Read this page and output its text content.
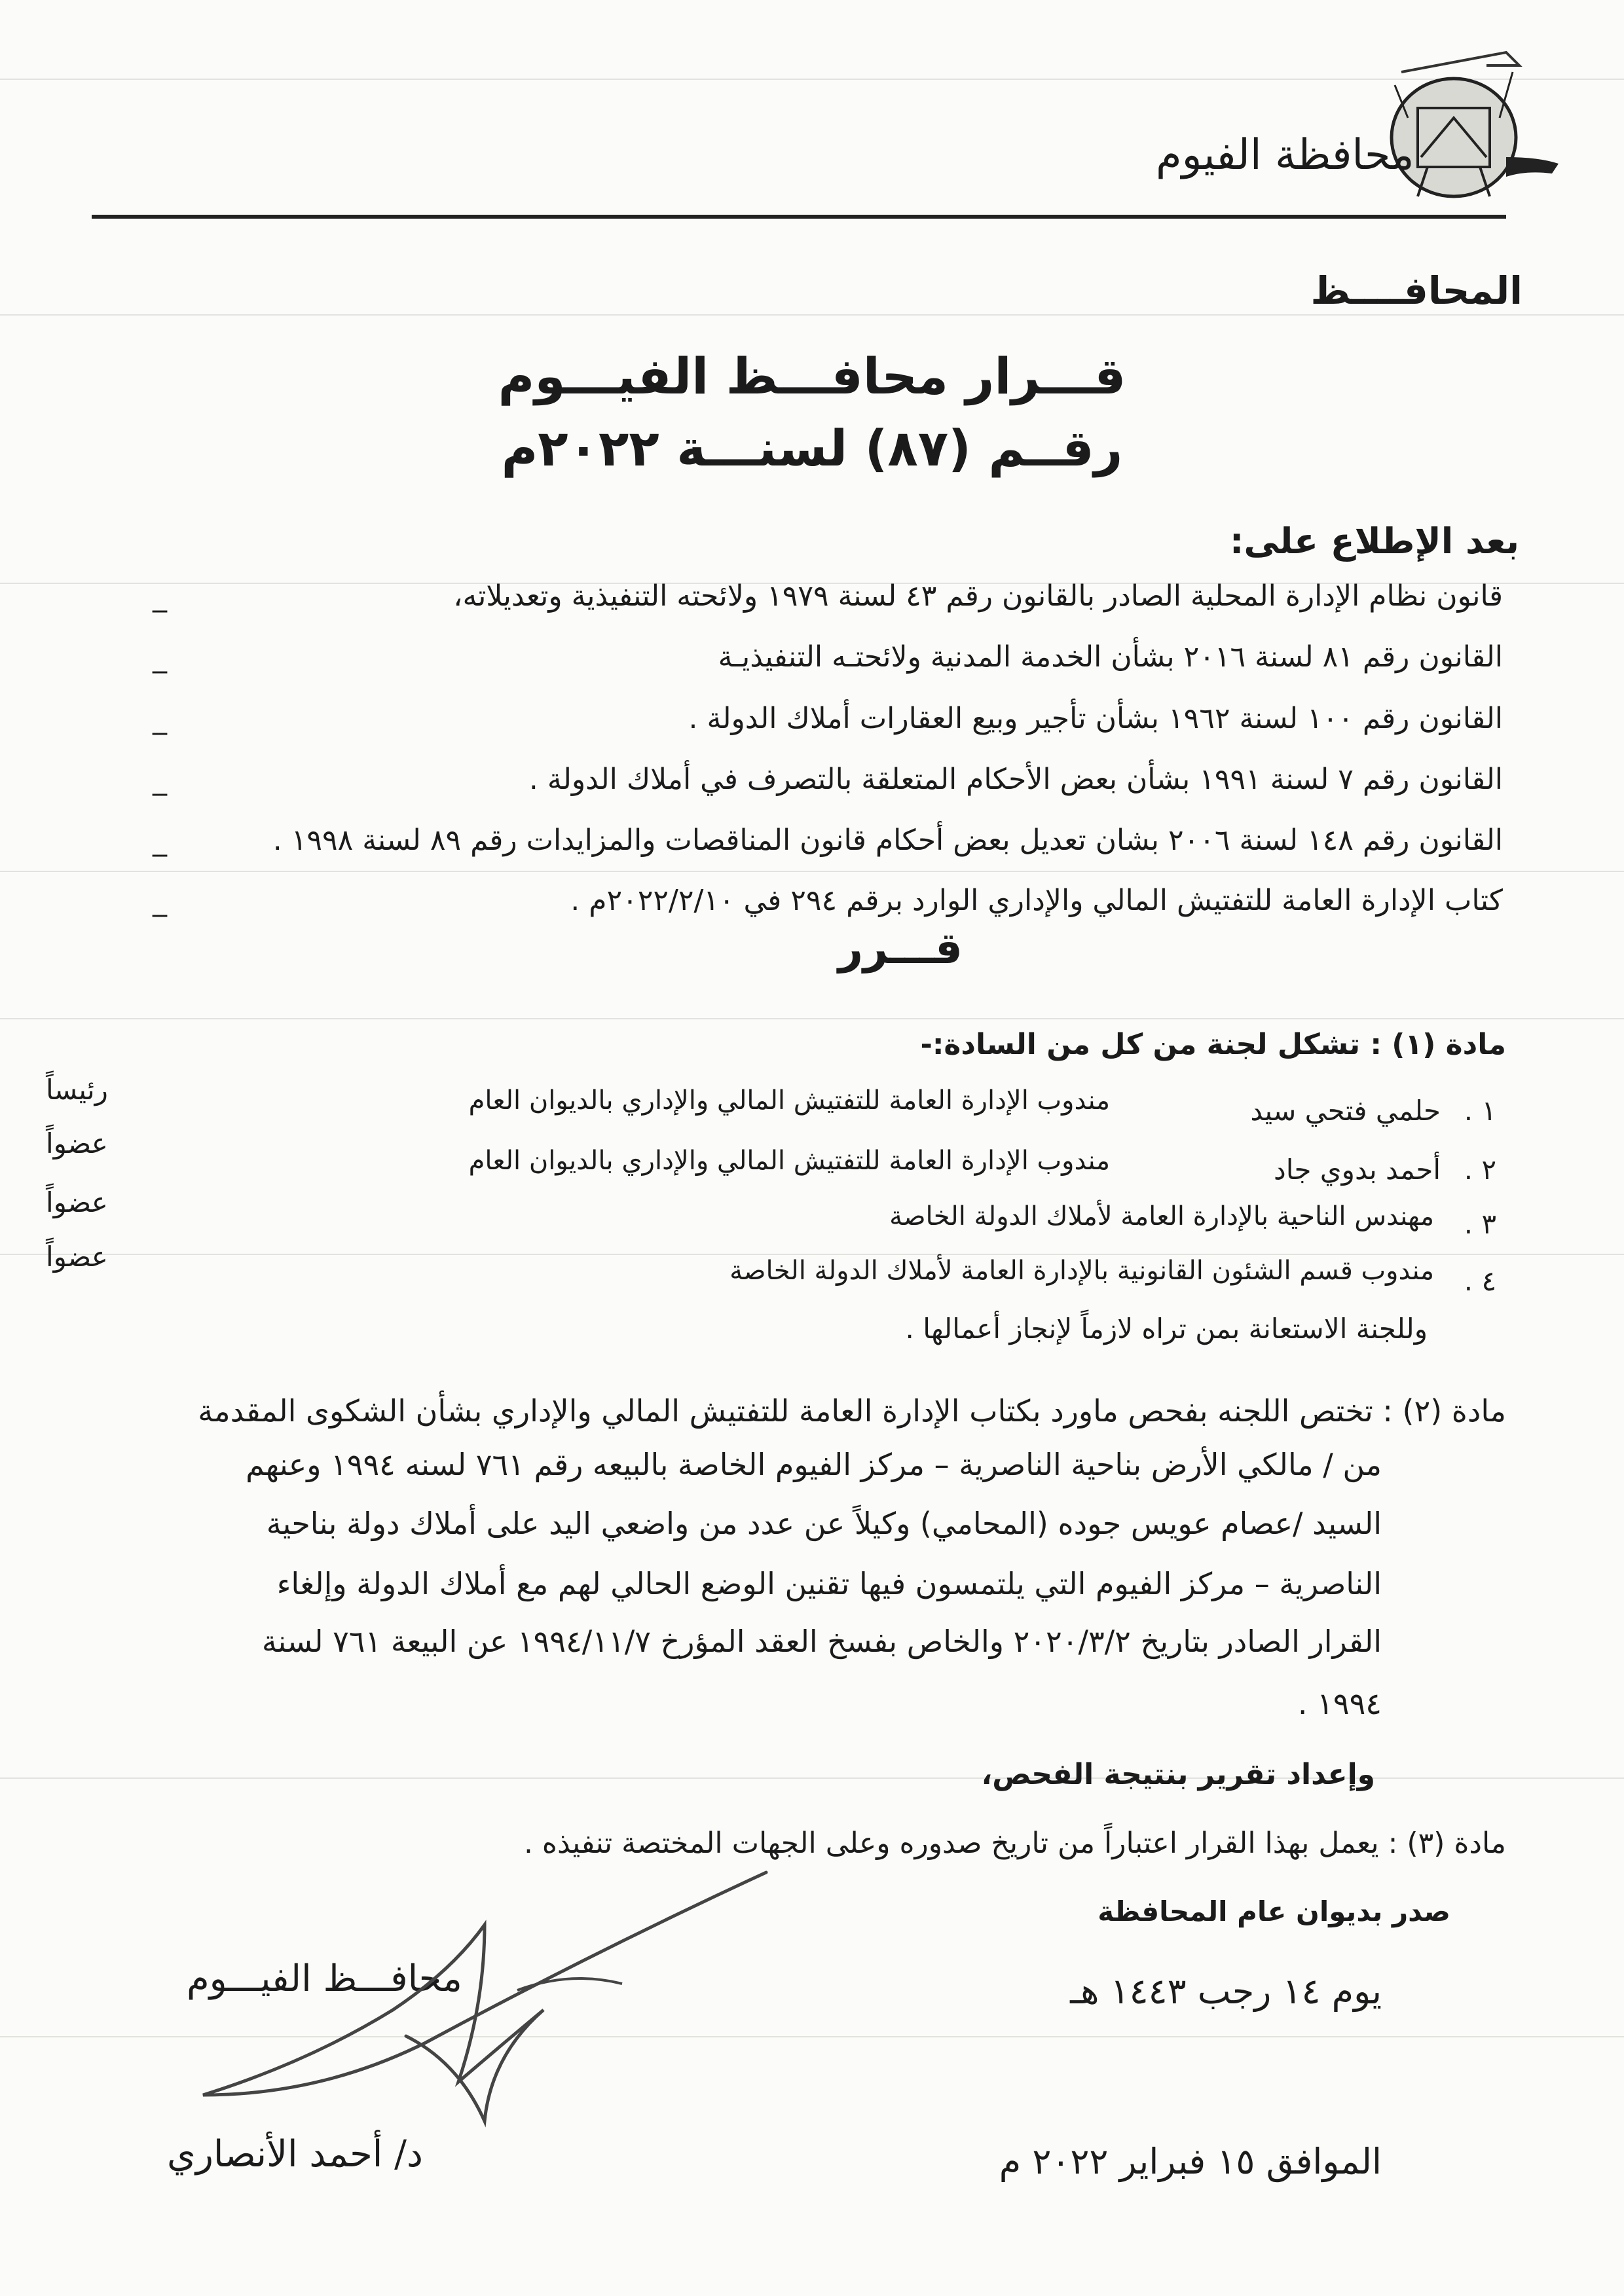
محافظة الفيوم
المحافــــظ
قـــرار محافـــظ الفيـــوم
رقــم (٨٧) لسنـــة ٢٠٢٢م
بعد الإطلاع على:
قانون نظام الإدارة المحلية الصادر بالقانون رقم ٤٣ لسنة ١٩٧٩ ولائحته التنفيذية وتعديلاته،
_
القانون رقم ٨١ لسنة ٢٠١٦ بشأن الخدمة المدنية ولائحتـه التنفيذيـة
_
القانون رقم ١٠٠ لسنة ١٩٦٢ بشأن تأجير وبيع العقارات أملاك الدولة .
_
القانون رقم ٧ لسنة ١٩٩١ بشأن بعض الأحكام المتعلقة بالتصرف في أملاك الدولة .
_
القانون رقم ١٤٨ لسنة ٢٠٠٦ بشان تعديل بعض أحكام قانون المناقصات والمزايدات رقم ٨٩ لسنة ١٩٩٨ .
_
كتاب الإدارة العامة للتفتيش المالي والإداري الوارد برقم ٢٩٤ في ٢٠٢٢/٢/١٠م .
_
قـــرر
مادة (١) : تشكل لجنة من كل من السادة:-
١ .
حلمي فتحي سيد
مندوب الإدارة العامة للتفتيش المالي والإداري بالديوان العام
رئيساً
٢ .
أحمد بدوي جاد
مندوب الإدارة العامة للتفتيش المالي والإداري بالديوان العام
عضواً
٣ .
مهندس الناحية بالإدارة العامة لأملاك الدولة الخاصة
عضواً
٤ .
مندوب قسم الشئون القانونية بالإدارة العامة لأملاك الدولة الخاصة
عضواً
وللجنة الاستعانة بمن تراه لازماً لإنجاز أعمالها .
مادة (٢) : تختص اللجنه بفحص ماورد بكتاب الإدارة العامة للتفتيش المالي والإداري بشأن الشكوى المقدمة
من / مالكي الأرض بناحية الناصرية – مركز الفيوم الخاصة بالبيعه رقم ٧٦١ لسنه ١٩٩٤ وعنهم
السيد /عصام عويس جوده (المحامي) وكيلاً عن عدد من واضعي اليد على أملاك دولة بناحية
الناصرية – مركز الفيوم التي يلتمسون فيها تقنين الوضع الحالي لهم مع أملاك الدولة وإلغاء
القرار الصادر بتاريخ ٢٠٢٠/٣/٢ والخاص بفسخ العقد المؤرخ ١٩٩٤/١١/٧ عن البيعة ٧٦١ لسنة
١٩٩٤ .
وإعداد تقرير بنتيجة الفحص،
مادة (٣) : يعمل بهذا القرار اعتباراً من تاريخ صدوره وعلى الجهات المختصة تنفيذه .
صدر بديوان عام المحافظة
يوم ١٤ رجب ١٤٤٣ هـ
الموافق ١٥ فبراير ٢٠٢٢ م
محافـــظ الفيـــوم
د/ أحمد الأنصاري
